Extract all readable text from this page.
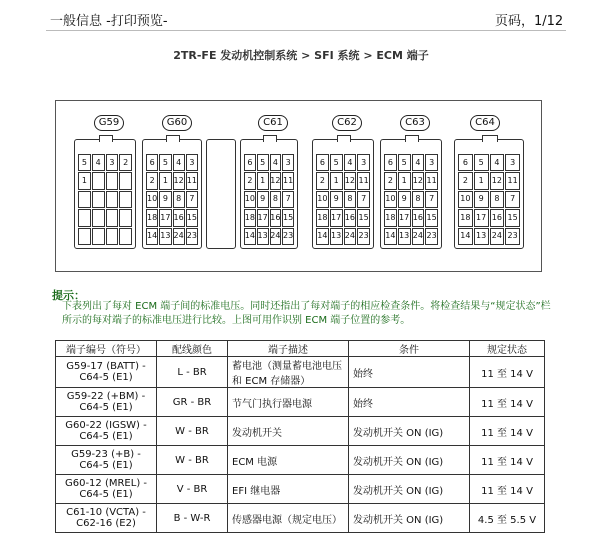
一般信息 -打印预览-	页码，1/12
2TR-FE 发动机控制系统 > SFI 系统 > ECM 端子
G59
5	4	3	2
1
G60
6	5	4	3
2	1 12 11
10 9	8	7
18 17 16 15
14 13 24 23
C61
6 5 4 3
2 1 12 11
10 9 8 7
18 17 16 15
14 13 24 23
C62
6	5	4	3
2	1 12 11
10 9	8	7
18 17 16 15
14 13 24 23
C63
6	5	4	3
2	1 12 11
10 9	8	7
18 17 16 15
14 13 24 23
C64
6	5	4	3
2	1	12 11
10	9	8	7
18 17 16 15
14 13 24 23
提示：
下表列出了每对 ECM 端子间的标准电压。同时还指出了每对端子的相应检查条件。将检查结果与“规定状态”栏所示的每对端子的标准电压进行比较。上图可用作识别 ECM 端子位置的参考。
端子编号（符号）	配线颜色	端子描述	条件	规定状态
G59-17 (BATT) - C64-5 (E1)	L - BR	蓄电池（测量蓄电池电压和 ECM 存储器）	始终	11 至 14 V
G59-22 (+BM) - C64-5 (E1)	GR - BR	节气门执行器电源	始终	11 至 14 V
G60-22 (IGSW) - C64-5 (E1)	W - BR	发动机开关	发动机开关 ON (IG)	11 至 14 V
G59-23 (+B) - C64-5 (E1)	W - BR	ECM 电源	发动机开关 ON (IG)	11 至 14 V
G60-12 (MREL) - C64-5 (E1)	V - BR	EFI 继电器	发动机开关 ON (IG)	11 至 14 V
C61-10 (VCTA) - C62-16 (E2)	B - W-R	传感器电源（规定电压）	发动机开关 ON (IG)	4.5 至 5.5 V
